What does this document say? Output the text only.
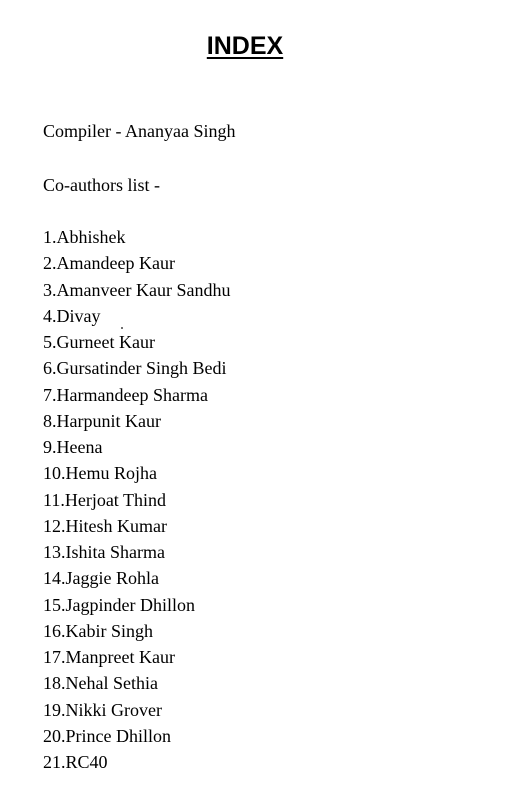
INDEX
Compiler - Ananyaa Singh
Co-authors list -
1.Abhishek
2.Amandeep Kaur
3.Amanveer Kaur Sandhu
4.Divay
5.Gurneet Kaur
6.Gursatinder Singh Bedi
7.Harmandeep Sharma
8.Harpunit Kaur
9.Heena
10.Hemu Rojha
11.Herjoat Thind
12.Hitesh Kumar
13.Ishita Sharma
14.Jaggie Rohla
15.Jagpinder Dhillon
16.Kabir Singh
17.Manpreet Kaur
18.Nehal Sethia
19.Nikki Grover
20.Prince Dhillon
21.RC40
